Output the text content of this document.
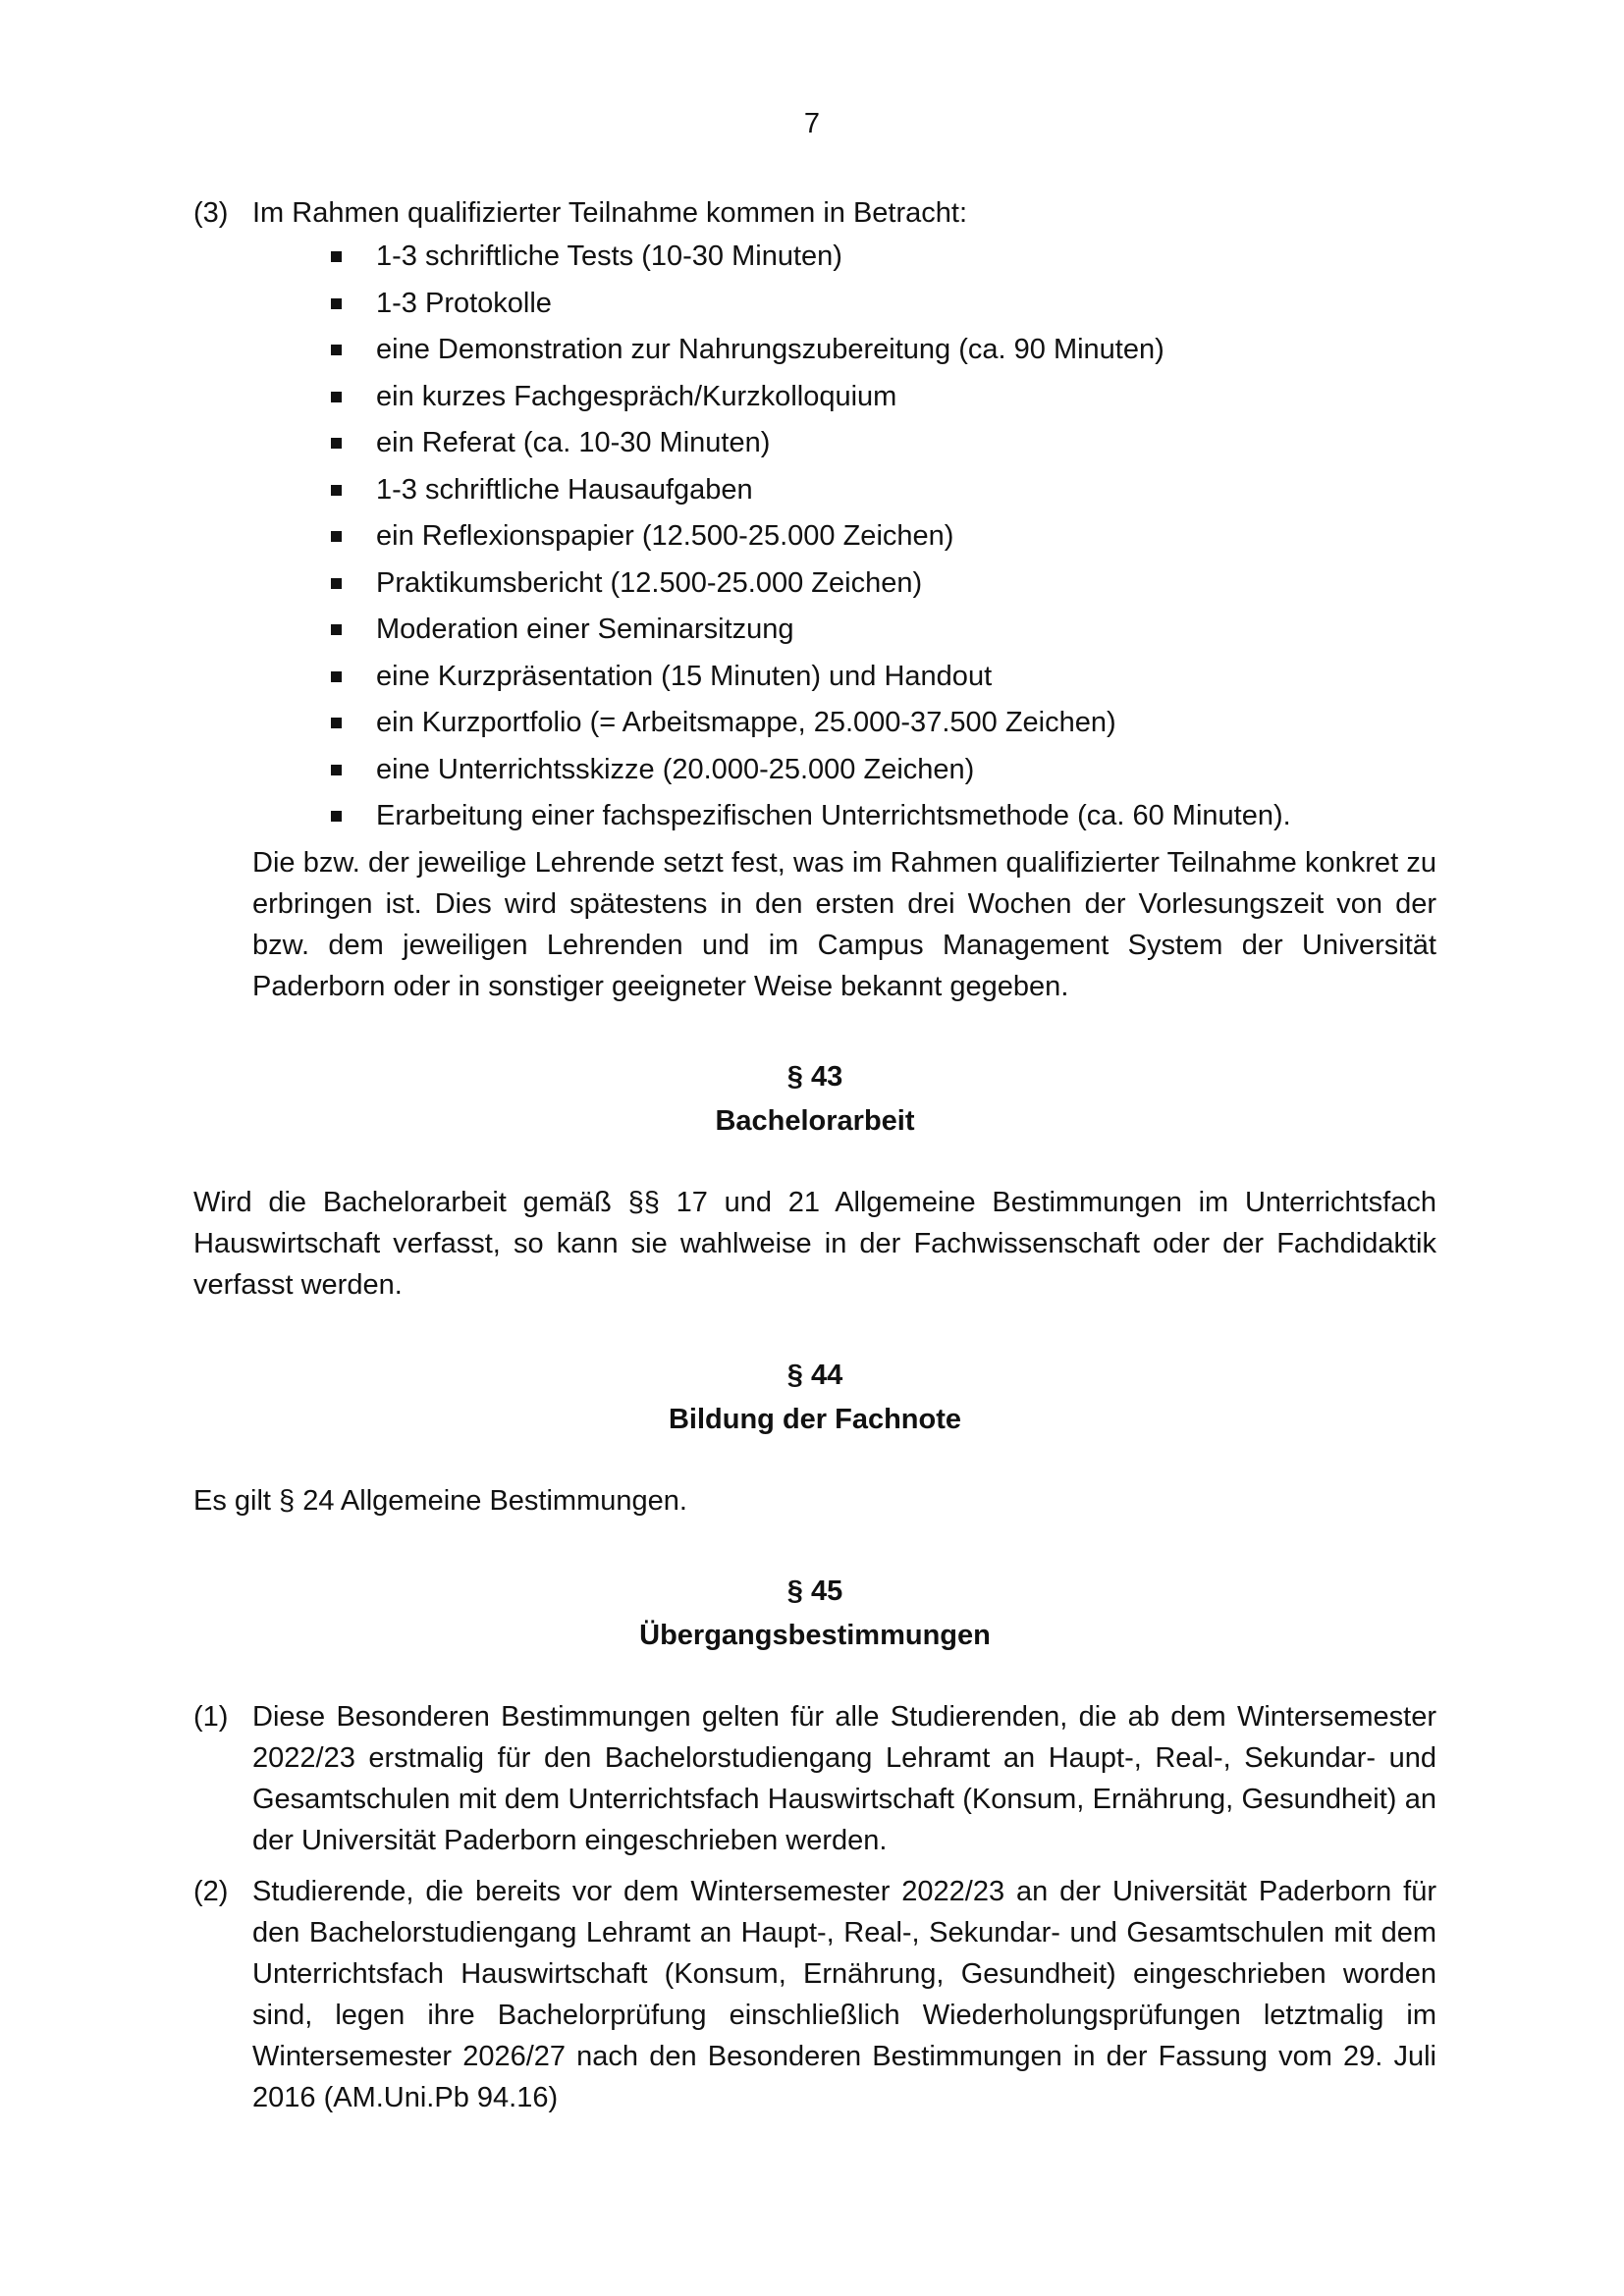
7
(3) Im Rahmen qualifizierter Teilnahme kommen in Betracht:

1-3 schriftliche Tests (10-30 Minuten)
1-3 Protokolle
eine Demonstration zur Nahrungszubereitung (ca. 90 Minuten)
ein kurzes Fachgespräch/Kurzkolloquium
ein Referat (ca. 10-30 Minuten)
1-3 schriftliche Hausaufgaben
ein Reflexionspapier (12.500-25.000 Zeichen)
Praktikumsbericht (12.500-25.000 Zeichen)
Moderation einer Seminarsitzung
eine Kurzpräsentation (15 Minuten) und Handout
ein Kurzportfolio (= Arbeitsmappe, 25.000-37.500 Zeichen)
eine Unterrichtsskizze (20.000-25.000 Zeichen)
Erarbeitung einer fachspezifischen Unterrichtsmethode (ca. 60 Minuten).

Die bzw. der jeweilige Lehrende setzt fest, was im Rahmen qualifizierter Teilnahme konkret zu erbringen ist. Dies wird spätestens in den ersten drei Wochen der Vorlesungszeit von der bzw. dem jeweiligen Lehrenden und im Campus Management System der Universität Paderborn oder in sonstiger geeigneter Weise bekannt gegeben.

§ 43
Bachelorarbeit

Wird die Bachelorarbeit gemäß §§ 17 und 21 Allgemeine Bestimmungen im Unterrichtsfach Hauswirtschaft verfasst, so kann sie wahlweise in der Fachwissenschaft oder der Fachdidaktik verfasst werden.

§ 44
Bildung der Fachnote

Es gilt § 24 Allgemeine Bestimmungen.

§ 45
Übergangsbestimmungen
(1) Diese Besonderen Bestimmungen gelten für alle Studierenden, die ab dem Wintersemester 2022/23 erstmalig für den Bachelorstudiengang Lehramt an Haupt-, Real-, Sekundar- und Gesamtschulen mit dem Unterrichtsfach Hauswirtschaft (Konsum, Ernährung, Gesundheit) an der Universität Paderborn eingeschrieben werden.

(2) Studierende, die bereits vor dem Wintersemester 2022/23 an der Universität Paderborn für den Bachelorstudiengang Lehramt an Haupt-, Real-, Sekundar- und Gesamtschulen mit dem Unterrichtsfach Hauswirtschaft (Konsum, Ernährung, Gesundheit) eingeschrieben worden sind, legen ihre Bachelorprüfung einschließlich Wiederholungsprüfungen letztmalig im Wintersemester 2026/27 nach den Besonderen Bestimmungen in der Fassung vom 29. Juli 2016 (AM.Uni.Pb 94.16)
